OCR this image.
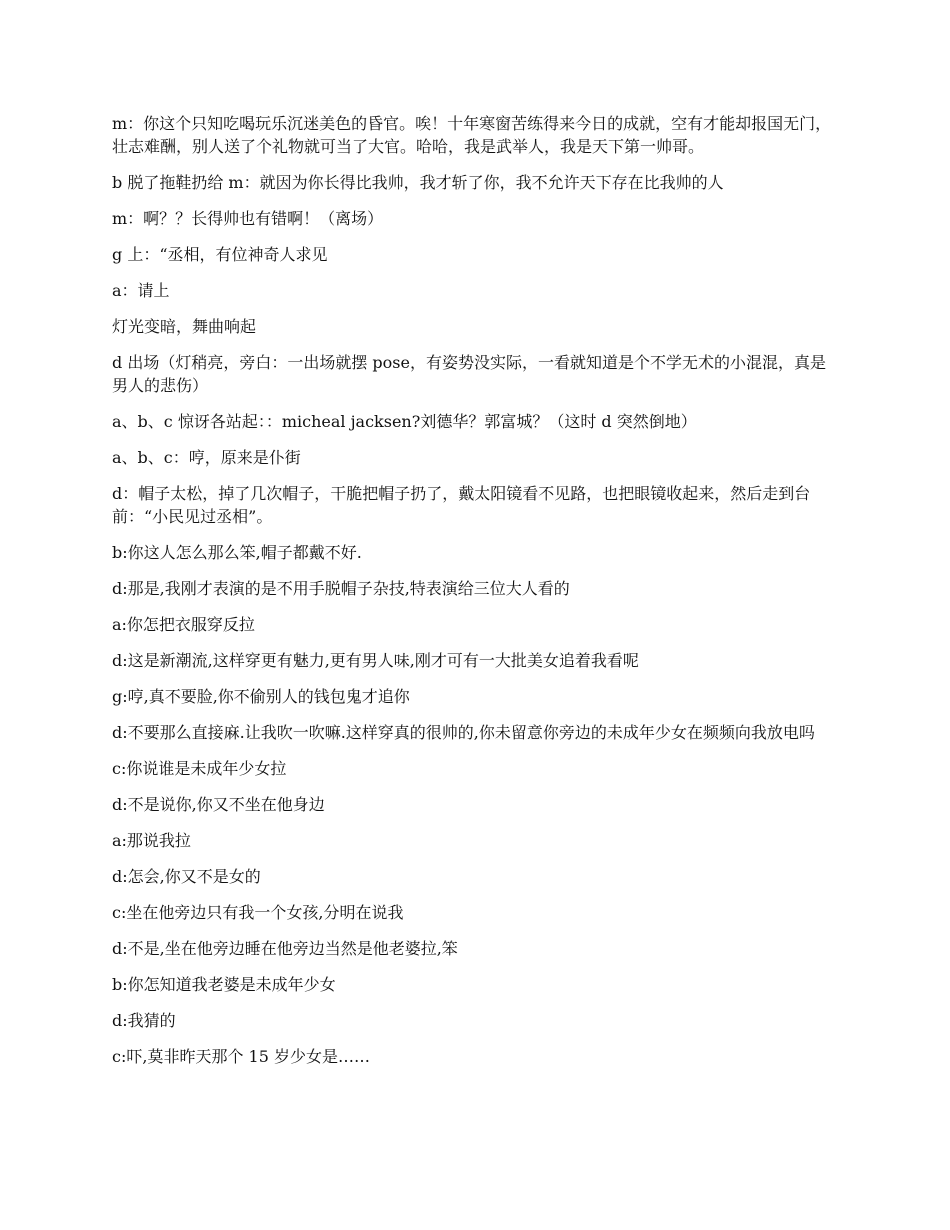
m：你这个只知吃喝玩乐沉迷美色的昏官。唉！十年寒窗苦练得来今日的成就，空有才能却报国无门，壮志难酬，别人送了个礼物就可当了大官。哈哈，我是武举人，我是天下第一帅哥。

b 脱了拖鞋扔给 m：就因为你长得比我帅，我才斩了你，我不允许天下存在比我帅的人

m：啊？？长得帅也有错啊！（离场）

g 上：“丞相，有位神奇人求见

a：请上

灯光变暗，舞曲响起

d 出场（灯稍亮，旁白：一出场就摆 pose，有姿势没实际，一看就知道是个不学无术的小混混，真是男人的悲伤）

a、b、c 惊讶各站起：：micheal jacksen?刘德华？郭富城？（这时 d 突然倒地）

a、b、c：哼，原来是仆街

d：帽子太松，掉了几次帽子，干脆把帽子扔了，戴太阳镜看不见路，也把眼镜收起来，然后走到台前：“小民见过丞相”。

b:你这人怎么那么笨,帽子都戴不好.

d:那是,我刚才表演的是不用手脱帽子杂技,特表演给三位大人看的

a:你怎把衣服穿反拉

d:这是新潮流,这样穿更有魅力,更有男人味,刚才可有一大批美女追着我看呢

g:哼,真不要脸,你不偷别人的钱包鬼才追你

d:不要那么直接麻.让我吹一吹嘛.这样穿真的很帅的,你未留意你旁边的未成年少女在频频向我放电吗

c:你说谁是未成年少女拉

d:不是说你,你又不坐在他身边

a:那说我拉

d:怎会,你又不是女的

c:坐在他旁边只有我一个女孩,分明在说我

d:不是,坐在他旁边睡在他旁边当然是他老婆拉,笨

b:你怎知道我老婆是未成年少女

d:我猜的

c:吓,莫非昨天那个 15 岁少女是……
